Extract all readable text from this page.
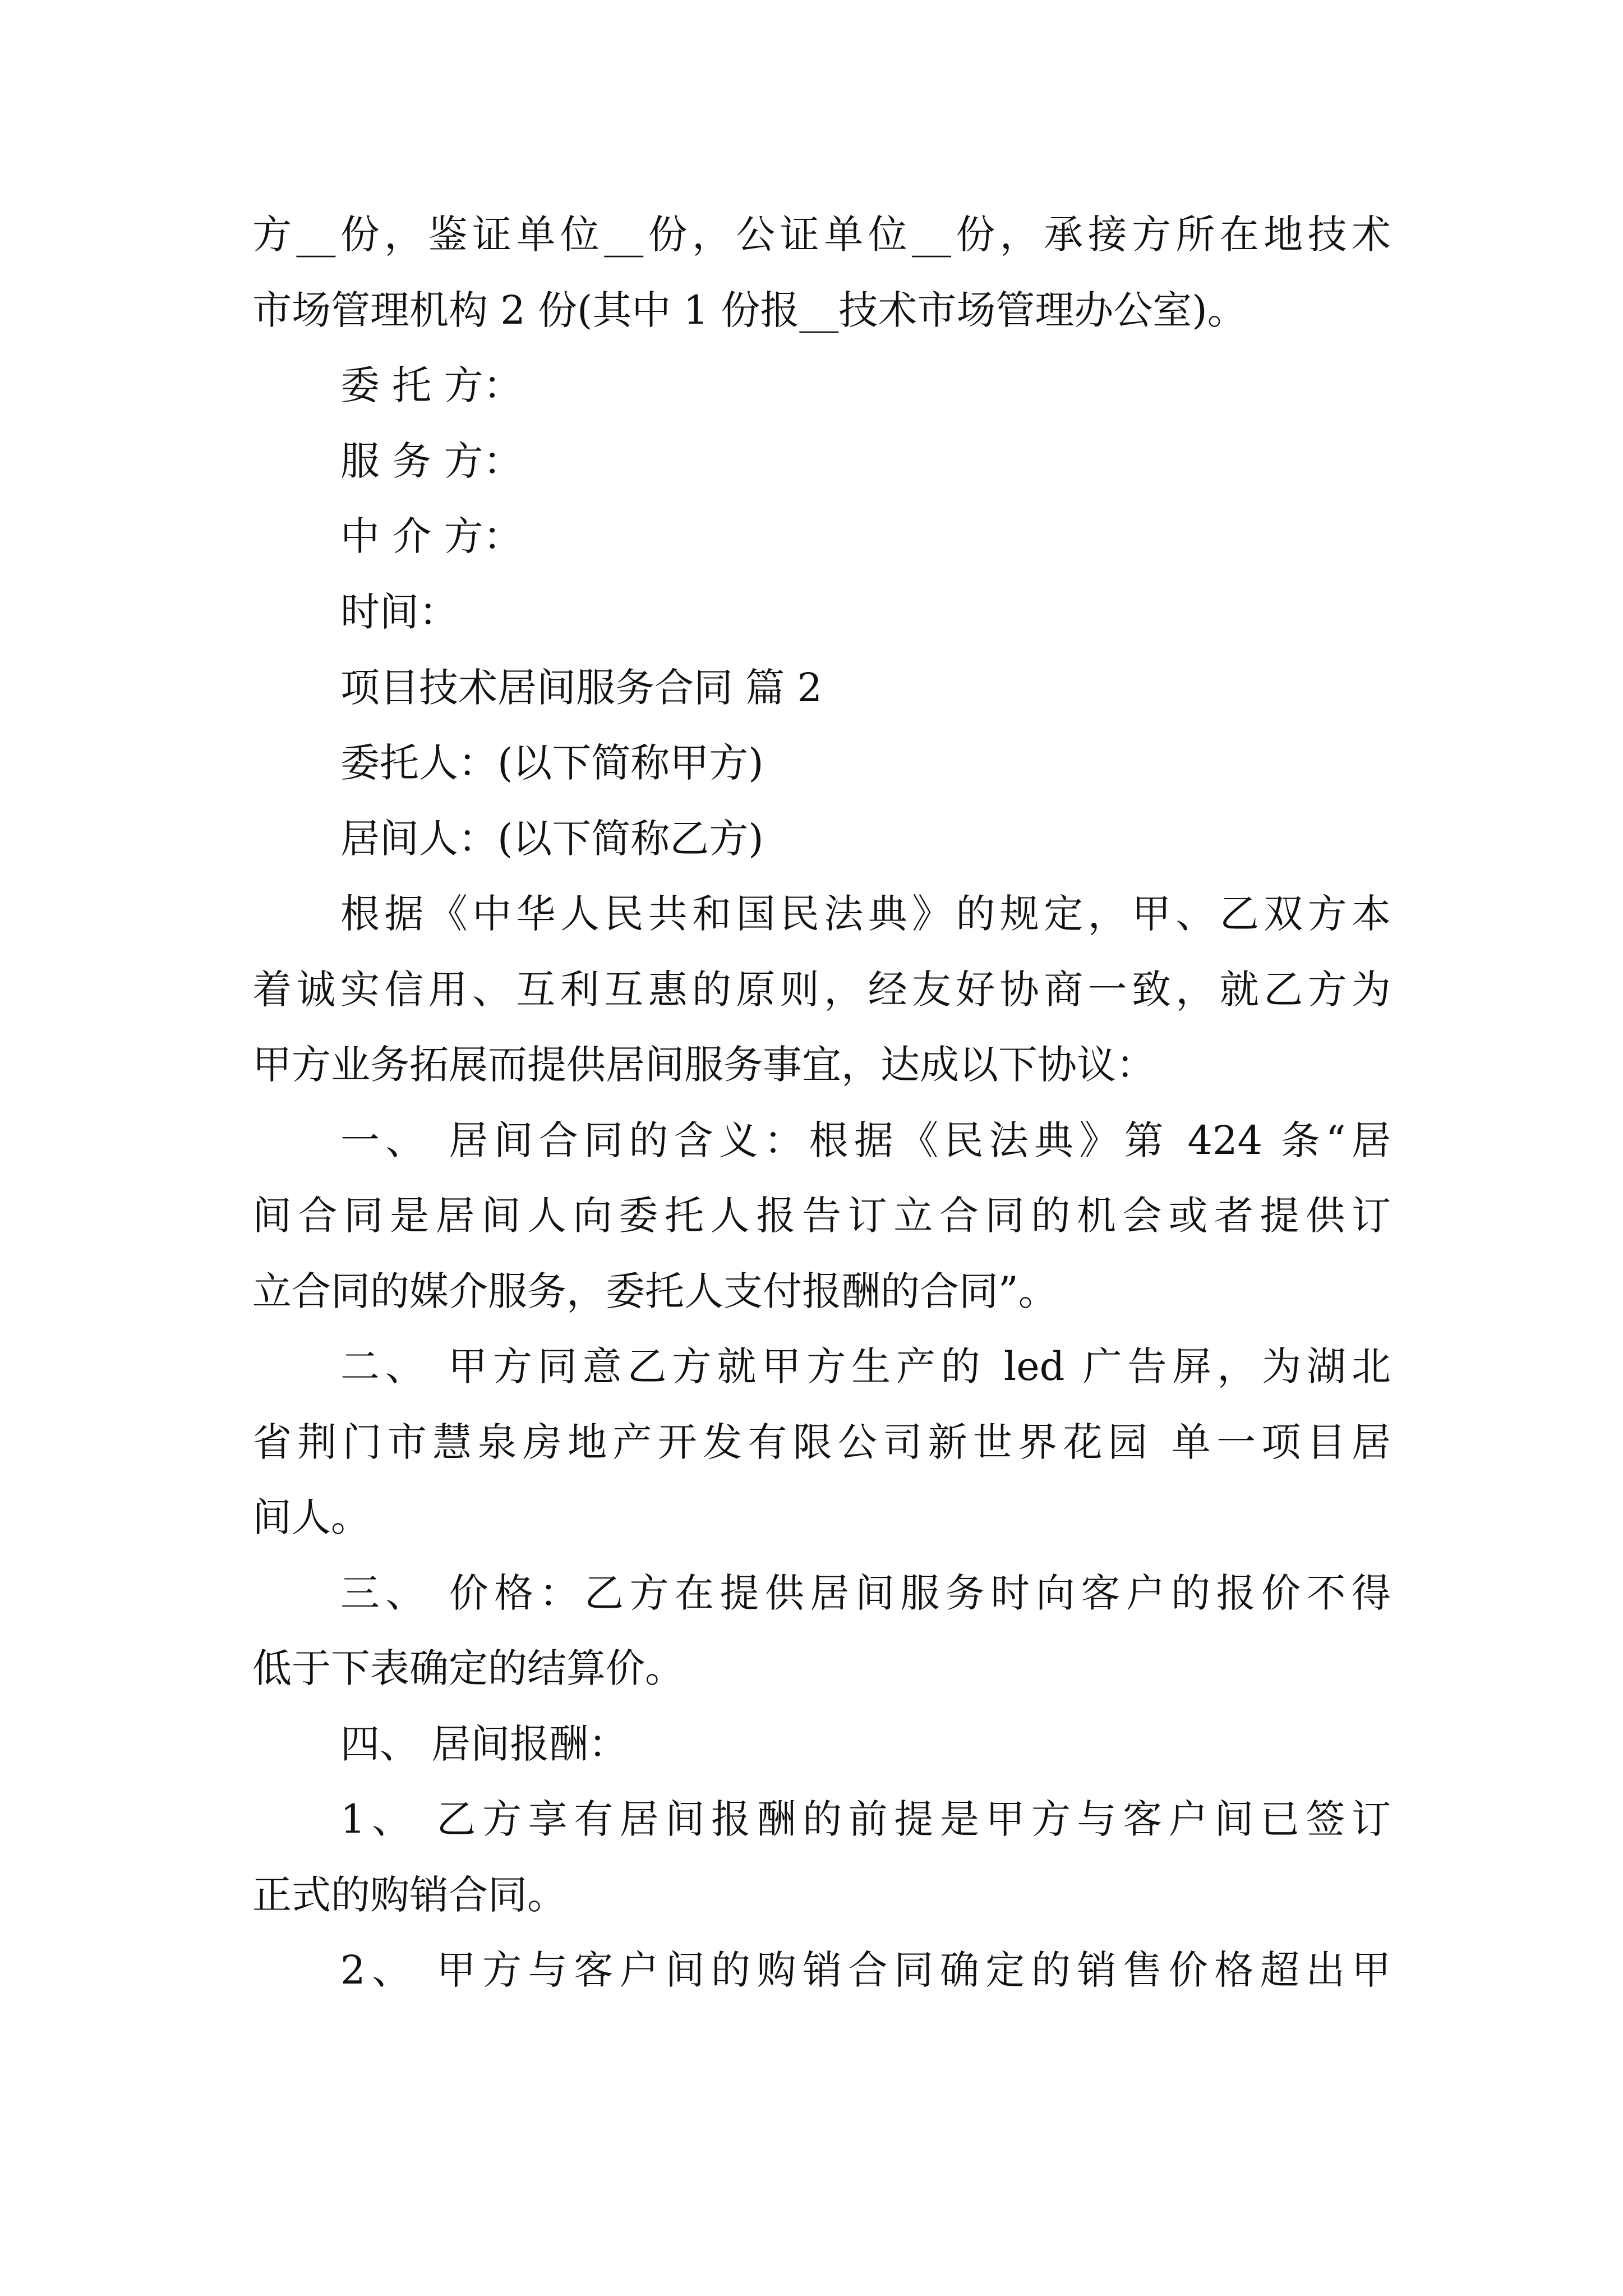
方__份，鉴证单位__份，公证单位__份，承接方所在地技术
市场管理机构 2 份(其中 1 份报__技术市场管理办公室)。
委 托 方：
服 务 方：
中 介 方：
时间：
项目技术居间服务合同 篇 2
委托人：(以下简称甲方)
居间人：(以下简称乙方)
根据《中华人民共和国民法典》的规定，甲、乙双方本
着诚实信用、互利互惠的原则，经友好协商一致，就乙方为
甲方业务拓展而提供居间服务事宜，达成以下协议：
一、 居间合同的含义：根据《民法典》第 424 条“居
间合同是居间人向委托人报告订立合同的机会或者提供订
立合同的媒介服务，委托人支付报酬的合同”。
二、 甲方同意乙方就甲方生产的 led 广告屏，为湖北
省荆门市慧泉房地产开发有限公司新世界花园 单一项目居
间人。
三、 价格：乙方在提供居间服务时向客户的报价不得
低于下表确定的结算价。
四、 居间报酬：
1、 乙方享有居间报酬的前提是甲方与客户间已签订
正式的购销合同。
2、 甲方与客户间的购销合同确定的销售价格超出甲
